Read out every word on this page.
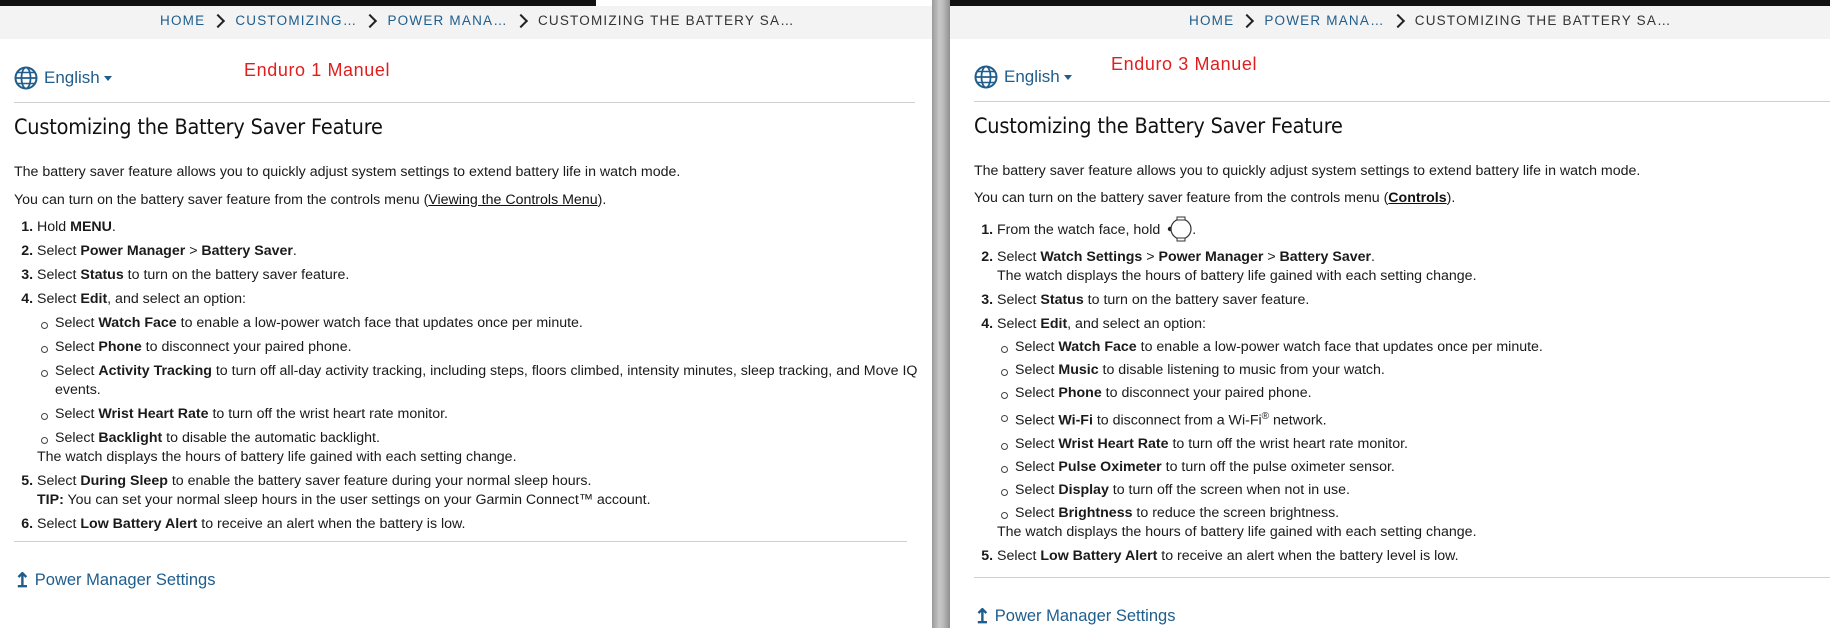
HOME CUSTOMIZING… POWER MANA… CUSTOMIZING THE BATTERY SA…
English	Enduro 1 Manuel
Customizing the Battery Saver Feature

The battery saver feature allows you to quickly adjust system settings to extend battery life in watch mode.

You can turn on the battery saver feature from the controls menu (Viewing the Controls Menu).

1. Hold MENU.
2. Select Power Manager > Battery Saver.
3. Select Status to turn on the battery saver feature.
4. Select Edit, and select an option:
Select Watch Face to enable a low-power watch face that updates once per minute.
Select Phone to disconnect your paired phone.
Select Activity Tracking to turn off all-day activity tracking, including steps, floors climbed, intensity minutes, sleep tracking, and Move IQ events.
Select Wrist Heart Rate to turn off the wrist heart rate monitor.
Select Backlight to disable the automatic backlight.
The watch displays the hours of battery life gained with each setting change.
5. Select During Sleep to enable the battery saver feature during your normal sleep hours.
TIP: You can set your normal sleep hours in the user settings on your Garmin Connect™ account.
6. Select Low Battery Alert to receive an alert when the battery is low.
↥ Power Manager Settings
HOME POWER MANA… CUSTOMIZING THE BATTERY SA…
English
Enduro 3 Manuel
Customizing the Battery Saver Feature

The battery saver feature allows you to quickly adjust system settings to extend battery life in watch mode.

You can turn on the battery saver feature from the controls menu (Controls).

1. From the watch face, hold .
2. Select Watch Settings > Power Manager > Battery Saver.
The watch displays the hours of battery life gained with each setting change.
3. Select Status to turn on the battery saver feature.
4. Select Edit, and select an option:
Select Watch Face to enable a low-power watch face that updates once per minute.
Select Music to disable listening to music from your watch.
Select Phone to disconnect your paired phone.
Select Wi-Fi to disconnect from a Wi-Fi® network.
Select Wrist Heart Rate to turn off the wrist heart rate monitor.
Select Pulse Oximeter to turn off the pulse oximeter sensor.
Select Display to turn off the screen when not in use.
Select Brightness to reduce the screen brightness.
The watch displays the hours of battery life gained with each setting change.
5. Select Low Battery Alert to receive an alert when the battery level is low.
↥ Power Manager Settings
